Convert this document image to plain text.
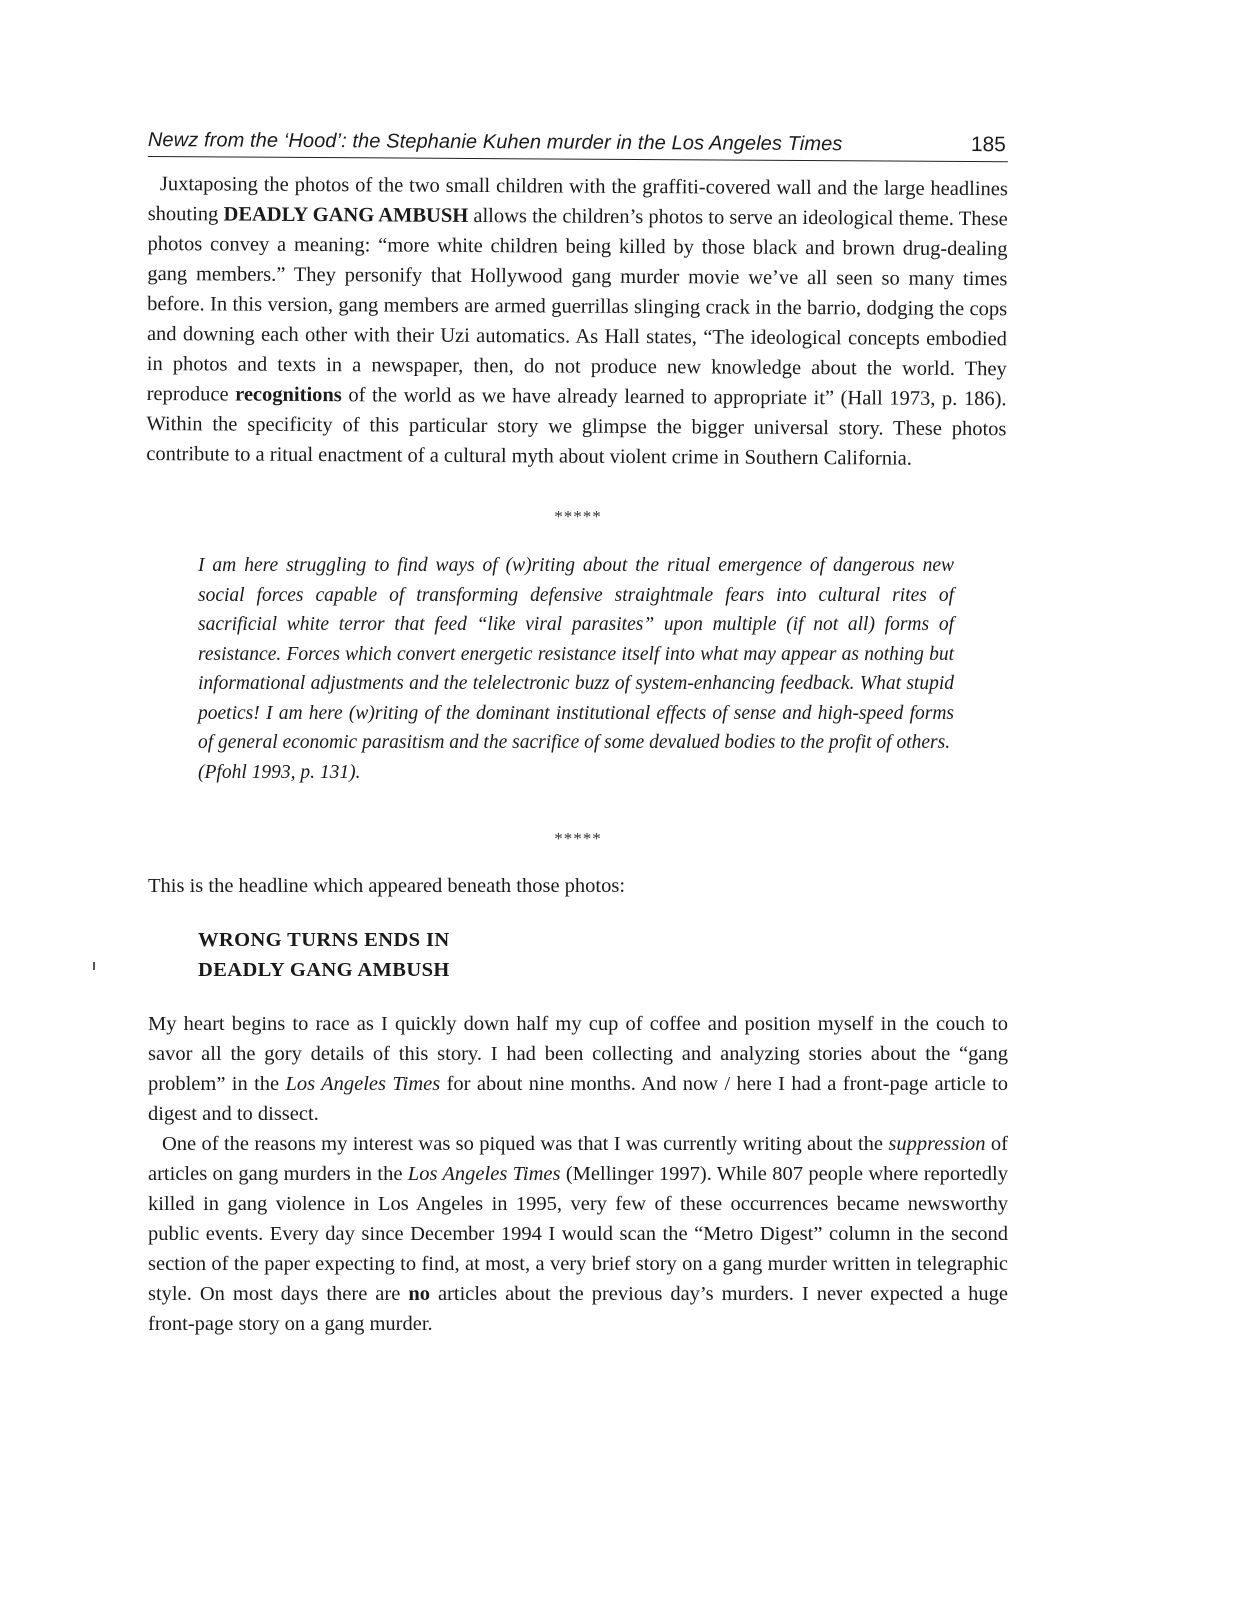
Newz from the ‘Hood’: the Stephanie Kuhen murder in the Los Angeles Times	185

Juxtaposing the photos of the two small children with the graffiti-covered wall and the large headlines shouting DEADLY GANG AMBUSH allows the children’s photos to serve an ideological theme. These photos convey a meaning: “more white children being killed by those black and brown drug-dealing gang members.” They personify that Hollywood gang murder movie we’ve all seen so many times before. In this version, gang members are armed guerrillas slinging crack in the barrio, dodging the cops and downing each other with their Uzi automatics. As Hall states, “The ideological concepts embodied in photos and texts in a newspaper, then, do not produce new knowledge about the world. They reproduce recognitions of the world as we have already learned to appropriate it” (Hall 1973, p. 186). Within the specificity of this particular story we glimpse the bigger universal story. These photos contribute to a ritual enactment of a cultural myth about violent crime in Southern California.

*****

I am here struggling to find ways of (w)riting about the ritual emergence of dangerous new social forces capable of transforming defensive straightmale fears into cultural rites of sacrificial white terror that feed “like viral parasites” upon multiple (if not all) forms of resistance. Forces which convert energetic resistance itself into what may appear as nothing but informational adjustments and the telelectronic buzz of system-enhancing feedback. What stupid poetics! I am here (w)riting of the dominant institutional effects of sense and high-speed forms of general economic parasitism and the sacrifice of some devalued bodies to the profit of others.
(Pfohl 1993, p. 131).

*****

This is the headline which appeared beneath those photos:

WRONG TURNS ENDS IN
DEADLY GANG AMBUSH

My heart begins to race as I quickly down half my cup of coffee and position myself in the couch to savor all the gory details of this story. I had been collecting and analyzing stories about the “gang problem” in the Los Angeles Times for about nine months. And now / here I had a front-page article to digest and to dissect.

One of the reasons my interest was so piqued was that I was currently writing about the suppression of articles on gang murders in the Los Angeles Times (Mellinger 1997). While 807 people where reportedly killed in gang violence in Los Angeles in 1995, very few of these occurrences became newsworthy public events. Every day since December 1994 I would scan the “Metro Digest” column in the second section of the paper expecting to find, at most, a very brief story on a gang murder written in telegraphic style. On most days there are no articles about the previous day’s murders. I never expected a huge front-page story on a gang murder.
